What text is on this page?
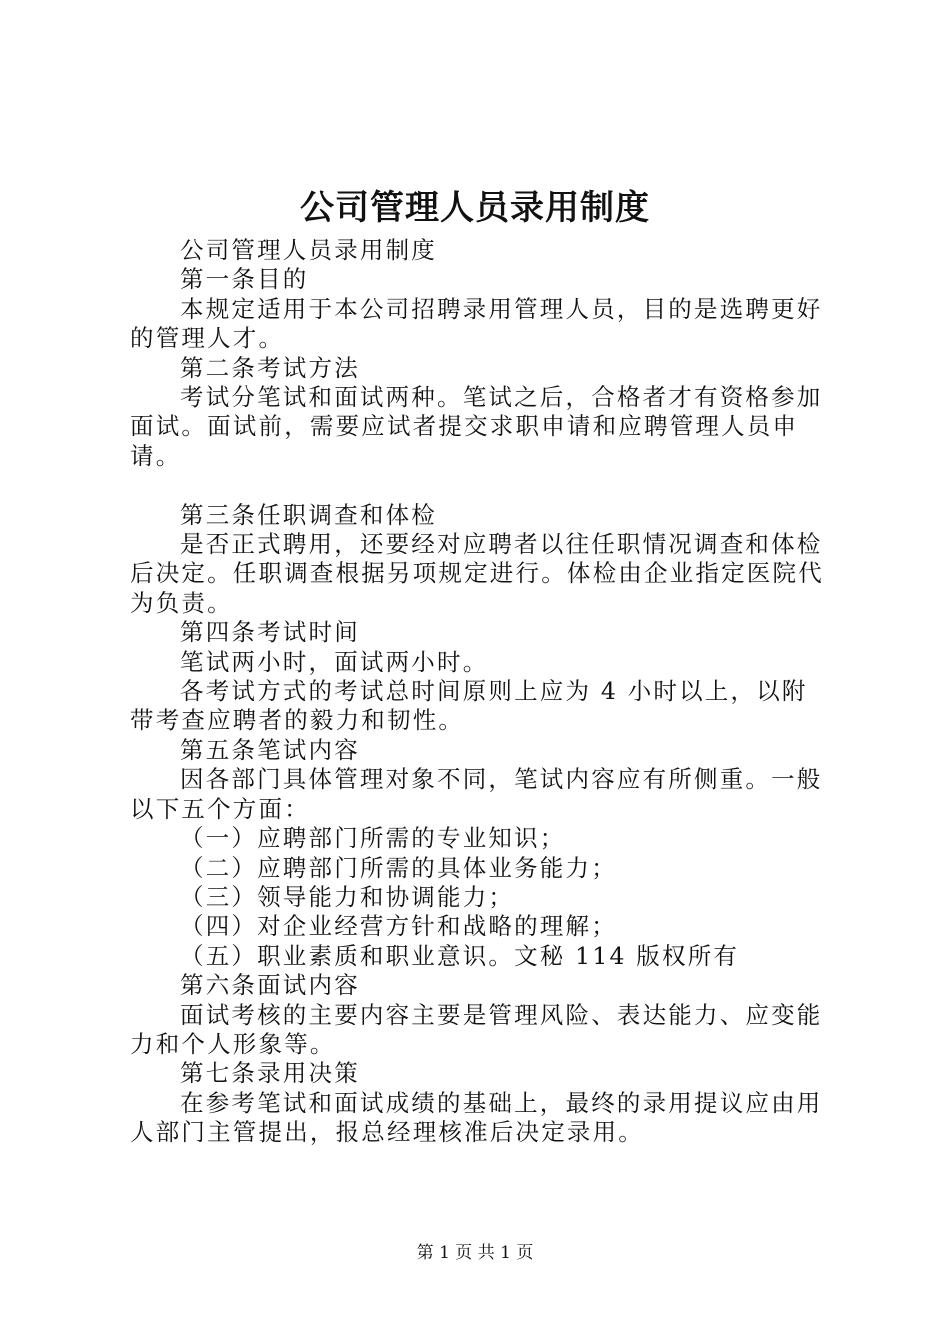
公司管理人员录用制度

公司管理人员录用制度

第一条目的

本规定适用于本公司招聘录用管理人员，目的是选聘更好的管理人才。

第二条考试方法

考试分笔试和面试两种。笔试之后，合格者才有资格参加面试。面试前，需要应试者提交求职申请和应聘管理人员申请。

第三条任职调查和体检

是否正式聘用，还要经对应聘者以往任职情况调查和体检后决定。任职调查根据另项规定进行。体检由企业指定医院代为负责。

第四条考试时间

笔试两小时，面试两小时。

各考试方式的考试总时间原则上应为 4 小时以上，以附带考查应聘者的毅力和韧性。

第五条笔试内容

因各部门具体管理对象不同，笔试内容应有所侧重。一般以下五个方面：

（一）应聘部门所需的专业知识；

（二）应聘部门所需的具体业务能力；

（三）领导能力和协调能力；

（四）对企业经营方针和战略的理解；

（五）职业素质和职业意识。文秘 114 版权所有

第六条面试内容

面试考核的主要内容主要是管理风险、表达能力、应变能力和个人形象等。

第七条录用决策

在参考笔试和面试成绩的基础上，最终的录用提议应由用人部门主管提出，报总经理核准后决定录用。

第 1 页 共 1 页
